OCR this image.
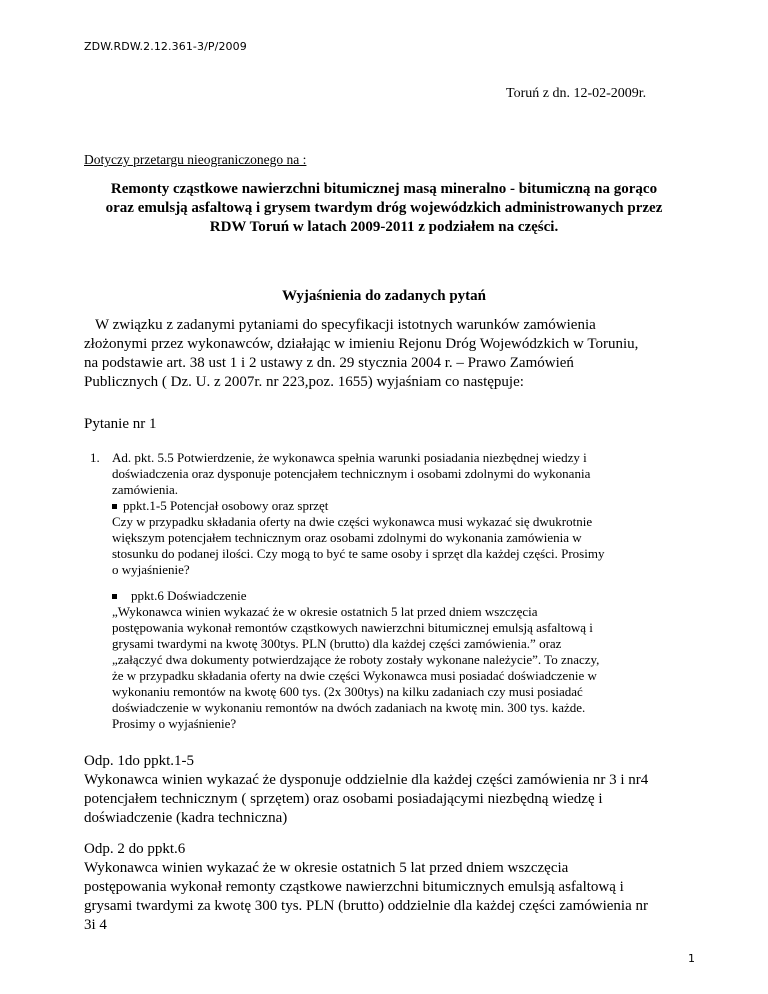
ZDW.RDW.2.12.361-3/P/2009
Toruń z dn. 12-02-2009r.
Dotyczy przetargu nieograniczonego na :
Remonty cząstkowe nawierzchni bitumicznej masą mineralno - bitumiczną na gorąco
oraz emulsją asfaltową i grysem twardym dróg wojewódzkich administrowanych przez
RDW Toruń w latach 2009-2011 z podziałem na części.
Wyjaśnienia do zadanych pytań
W związku z zadanymi pytaniami do specyfikacji istotnych warunków zamówienia
złożonymi przez wykonawców, działając w imieniu Rejonu Dróg Wojewódzkich w Toruniu,
na podstawie art. 38 ust 1 i 2 ustawy z dn. 29 stycznia 2004 r. – Prawo Zamówień
Publicznych ( Dz. U. z 2007r. nr 223,poz. 1655) wyjaśniam co następuje:
Pytanie nr 1
1. Ad. pkt. 5.5 Potwierdzenie, że wykonawca spełnia warunki posiadania niezbędnej wiedzy i
doświadczenia oraz dysponuje potencjałem technicznym i osobami zdolnymi do wykonania
zamówienia.
ppkt.1-5 Potencjał osobowy oraz sprzęt
Czy w przypadku składania oferty na dwie części wykonawca musi wykazać się dwukrotnie
większym potencjałem technicznym oraz osobami zdolnymi do wykonania zamówienia w
stosunku do podanej ilości. Czy mogą to być te same osoby i sprzęt dla każdej części. Prosimy
o wyjaśnienie?
ppkt.6 Doświadczenie
„Wykonawca winien wykazać że w okresie ostatnich 5 lat przed dniem wszczęcia
postępowania wykonał remontów cząstkowych nawierzchni bitumicznej emulsją asfaltową i
grysami twardymi na kwotę 300tys. PLN (brutto) dla każdej części zamówienia.” oraz
„załączyć dwa dokumenty potwierdzające że roboty zostały wykonane należycie”. To znaczy,
że w przypadku składania oferty na dwie części Wykonawca musi posiadać doświadczenie w
wykonaniu remontów na kwotę 600 tys. (2x 300tys) na kilku zadaniach czy musi posiadać
doświadczenie w wykonaniu remontów na dwóch zadaniach na kwotę min. 300 tys. każde.
Prosimy o wyjaśnienie?
Odp. 1do ppkt.1-5
Wykonawca winien wykazać że dysponuje oddzielnie dla każdej części zamówienia nr 3 i nr4
potencjałem technicznym ( sprzętem) oraz osobami posiadającymi niezbędną wiedzę i
doświadczenie (kadra techniczna)
Odp. 2 do ppkt.6
Wykonawca winien wykazać że w okresie ostatnich 5 lat przed dniem wszczęcia
postępowania wykonał remonty cząstkowe nawierzchni bitumicznych emulsją asfaltową i
grysami twardymi za kwotę 300 tys. PLN (brutto) oddzielnie dla każdej części zamówienia nr
3i 4
1
